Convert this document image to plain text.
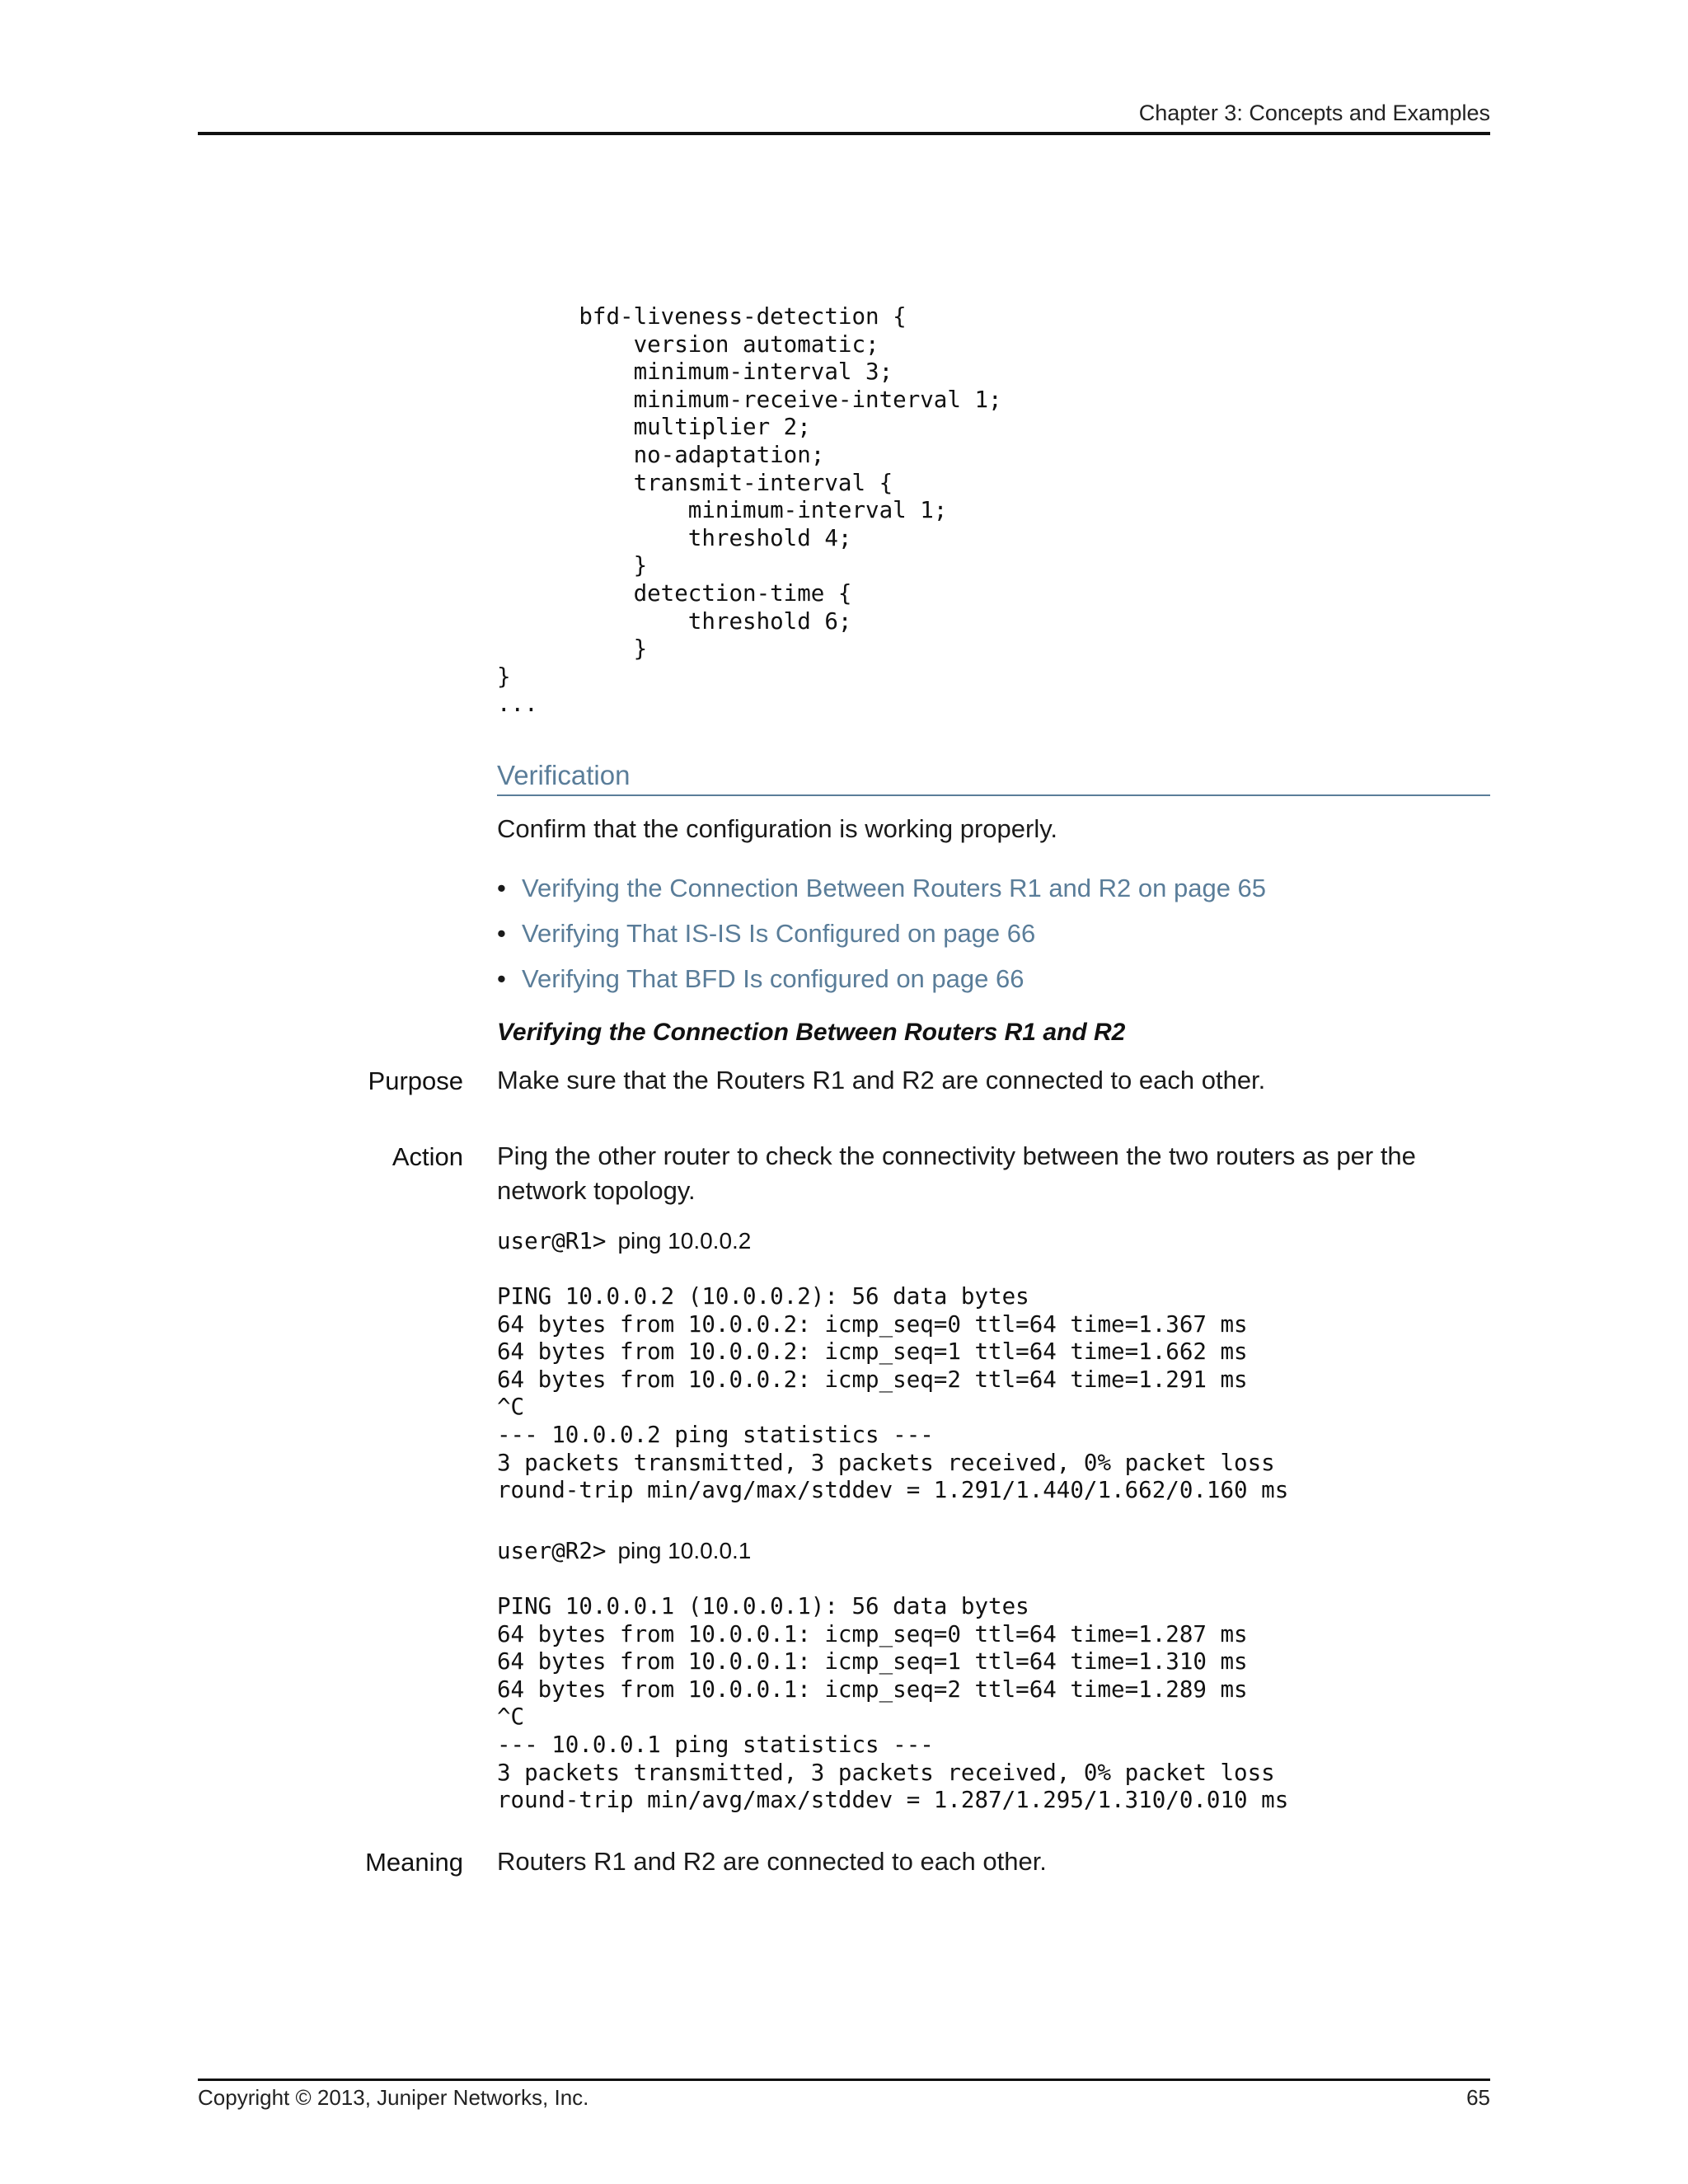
Chapter 3: Concepts and Examples
bfd-liveness-detection {
version automatic;
minimum-interval 3;
minimum-receive-interval 1;
multiplier 2;
no-adaptation;
transmit-interval {
minimum-interval 1;
threshold 4;
}
detection-time {
threshold 6;
}
}
...
Verification
Confirm that the configuration is working properly.
• Verifying the Connection Between Routers R1 and R2 on page 65
• Verifying That IS-IS Is Configured on page 66
• Verifying That BFD Is configured on page 66
Verifying the Connection Between Routers R1 and R2
Purpose Make sure that the Routers R1 and R2 are connected to each other.
Action Ping the other router to check the connectivity between the two routers as per the network topology.
user@R1> ping 10.0.0.2
PING 10.0.0.2 (10.0.0.2): 56 data bytes
64 bytes from 10.0.0.2: icmp_seq=0 ttl=64 time=1.367 ms
64 bytes from 10.0.0.2: icmp_seq=1 ttl=64 time=1.662 ms
64 bytes from 10.0.0.2: icmp_seq=2 ttl=64 time=1.291 ms
^C
--- 10.0.0.2 ping statistics ---
3 packets transmitted, 3 packets received, 0% packet loss
round-trip min/avg/max/stddev = 1.291/1.440/1.662/0.160 ms
user@R2> ping 10.0.0.1
PING 10.0.0.1 (10.0.0.1): 56 data bytes
64 bytes from 10.0.0.1: icmp_seq=0 ttl=64 time=1.287 ms
64 bytes from 10.0.0.1: icmp_seq=1 ttl=64 time=1.310 ms
64 bytes from 10.0.0.1: icmp_seq=2 ttl=64 time=1.289 ms
^C
--- 10.0.0.1 ping statistics ---
3 packets transmitted, 3 packets received, 0% packet loss
round-trip min/avg/max/stddev = 1.287/1.295/1.310/0.010 ms
Meaning Routers R1 and R2 are connected to each other.
Copyright © 2013, Juniper Networks, Inc.	65
